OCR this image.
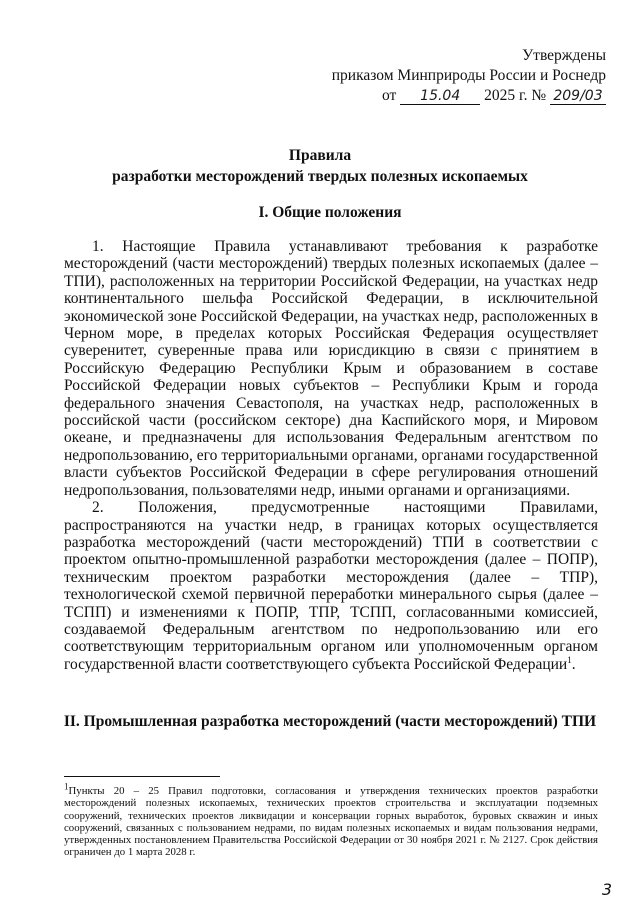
Утверждены
приказом Минприроды России и Роснедр
от 15.04 2025 г. № 209/03
Правила
разработки месторождений твердых полезных ископаемых
I. Общие положения

1. Настоящие Правила устанавливают требования к разработке месторождений (части месторождений) твердых полезных ископаемых (далее – ТПИ), расположенных на территории Российской Федерации, на участках недр континентального шельфа Российской Федерации, в исключительной экономической зоне Российской Федерации, на участках недр, расположенных в Черном море, в пределах которых Российская Федерация осуществляет суверенитет, суверенные права или юрисдикцию в связи с принятием в Российскую Федерацию Республики Крым и образованием в составе Российской Федерации новых субъектов – Республики Крым и города федерального значения Севастополя, на участках недр, расположенных в российской части (российском секторе) дна Каспийского моря, и Мировом океане, и предназначены для использования Федеральным агентством по недропользованию, его территориальными органами, органами государственной власти субъектов Российской Федерации в сфере регулирования отношений недропользования, пользователями недр, иными органами и организациями.

2. Положения, предусмотренные настоящими Правилами, распространяются на участки недр, в границах которых осуществляется разработка месторождений (части месторождений) ТПИ в соответствии с проектом опытно-промышленной разработки месторождения (далее – ПОПР), техническим проектом разработки месторождения (далее – ТПР), технологической схемой первичной переработки минерального сырья (далее – ТСПП) и изменениями к ПОПР, ТПР, ТСПП, согласованными комиссией, создаваемой Федеральным агентством по недропользованию или его соответствующим территориальным органом или уполномоченным органом государственной власти соответствующего субъекта Российской Федерации$^1$.

II. Промышленная разработка месторождений (части месторождений) ТПИ
$^1$Пункты 20 – 25 Правил подготовки, согласования и утверждения технических проектов разработки месторождений полезных ископаемых, технических проектов строительства и эксплуатации подземных сооружений, технических проектов ликвидации и консервации горных выработок, буровых скважин и иных сооружений, связанных с пользованием недрами, по видам полезных ископаемых и видам пользования недрами, утвержденных постановлением Правительства Российской Федерации от 30 ноября 2021 г. № 2127. Срок действия ограничен до 1 марта 2028 г.
3
